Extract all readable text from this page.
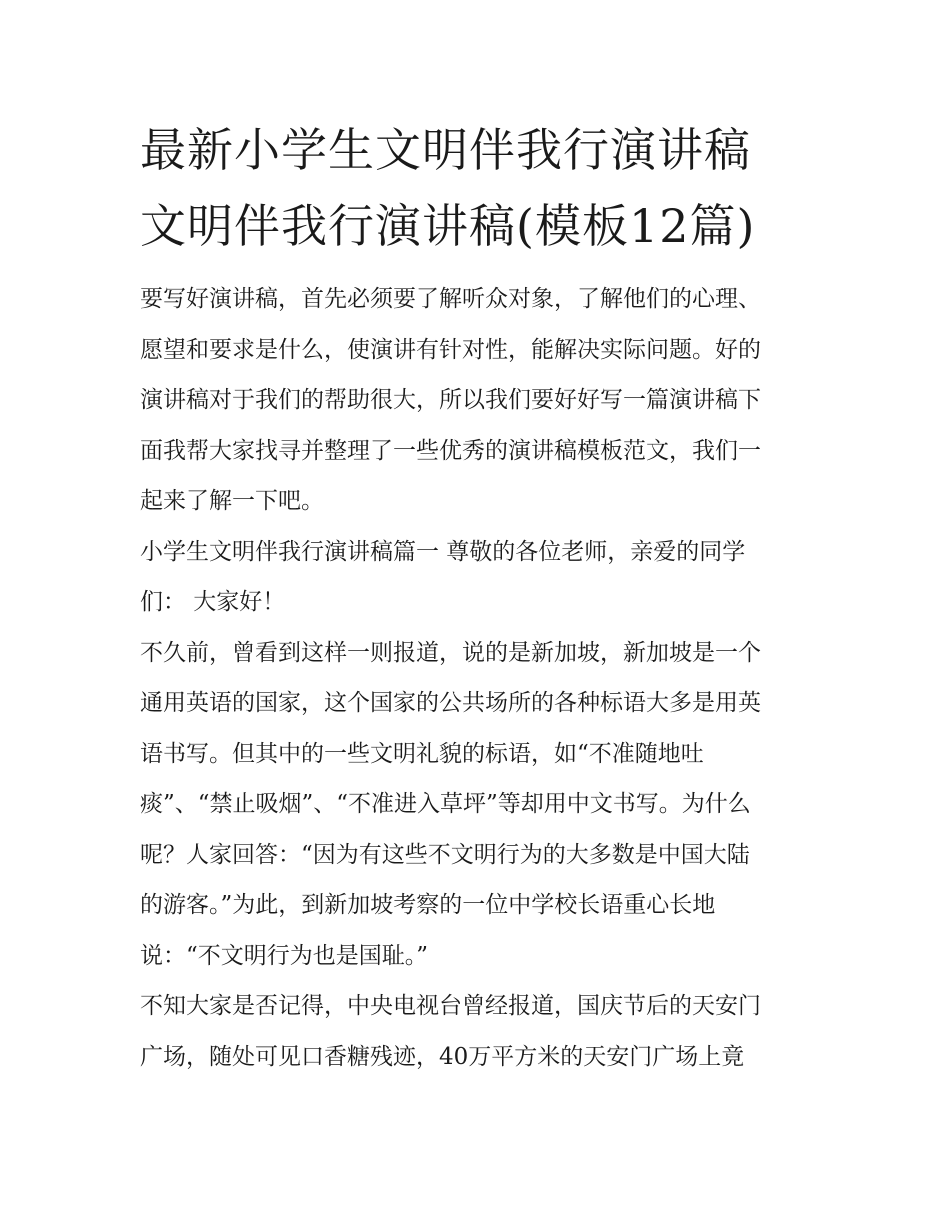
最新小学生文明伴我行演讲稿
文明伴我行演讲稿(模板12篇)

要写好演讲稿，首先必须要了解听众对象，了解他们的心理、
愿望和要求是什么，使演讲有针对性，能解决实际问题。好的
演讲稿对于我们的帮助很大，所以我们要好好写一篇演讲稿下
面我帮大家找寻并整理了一些优秀的演讲稿模板范文，我们一
起来了解一下吧。

小学生文明伴我行演讲稿篇一 尊敬的各位老师，亲爱的同学
们： 大家好！

不久前，曾看到这样一则报道，说的是新加坡，新加坡是一个
通用英语的国家，这个国家的公共场所的各种标语大多是用英
语书写。但其中的一些文明礼貌的标语，如“不准随地吐
痰”、“禁止吸烟”、“不准进入草坪”等却用中文书写。为什么
呢？人家回答：“因为有这些不文明行为的大多数是中国大陆
的游客。”为此，到新加坡考察的一位中学校长语重心长地
说：“不文明行为也是国耻。”

不知大家是否记得，中央电视台曾经报道，国庆节后的天安门
广场，随处可见口香糖残迹，40万平方米的天安门广场上竟
